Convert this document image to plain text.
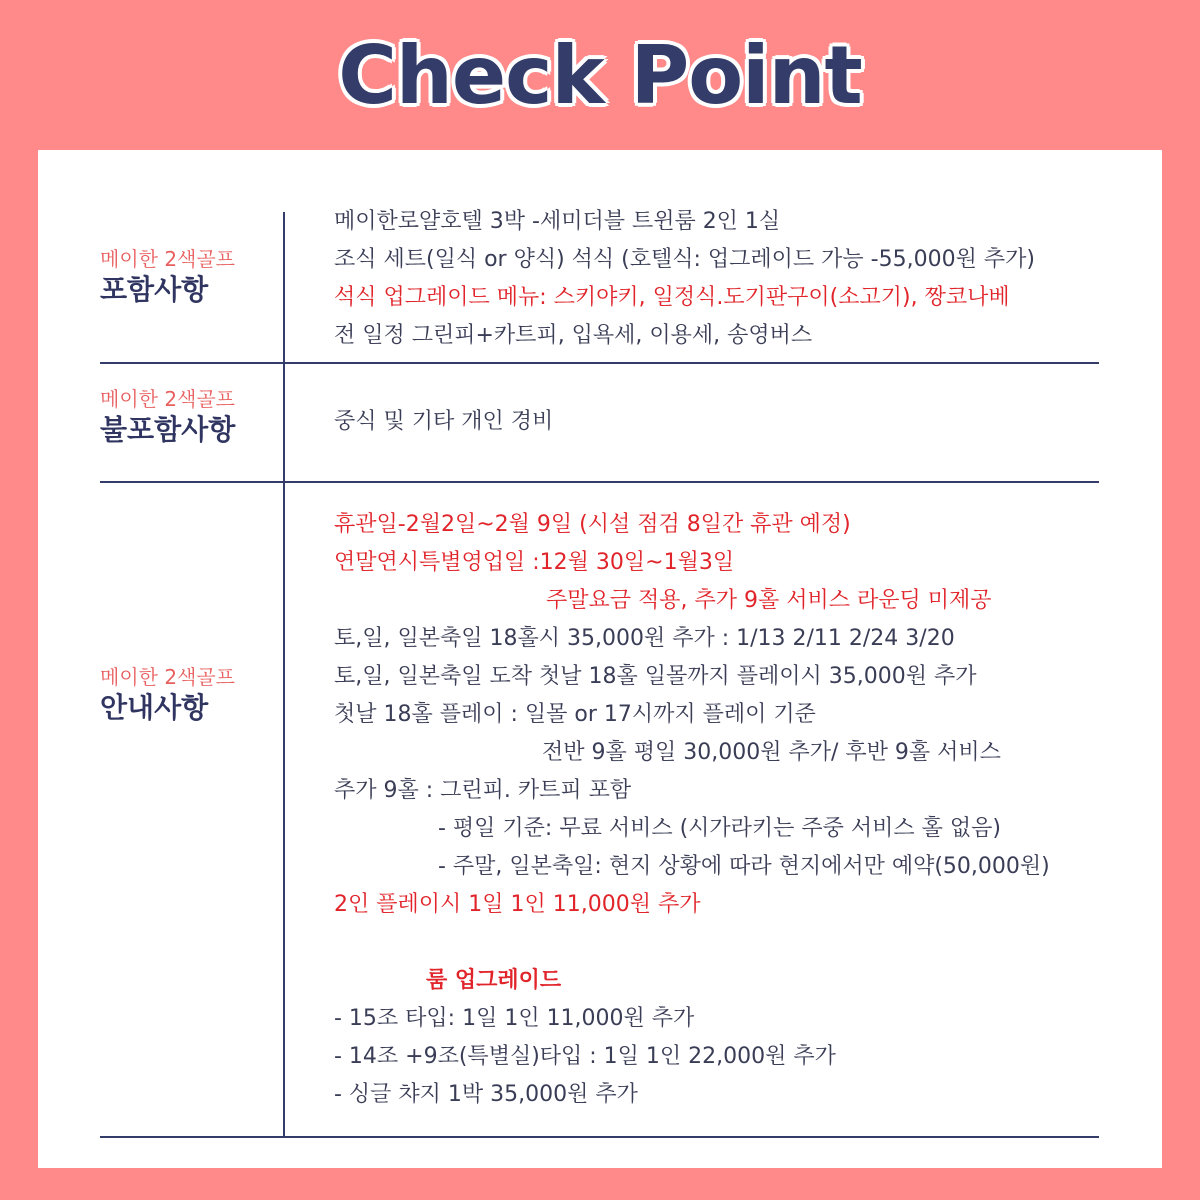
Check Point
메이한 2색골프
포함사항
메이한로얄호텔 3박 -세미더블 트윈룸 2인 1실
조식 세트(일식 or 양식) 석식 (호텔식: 업그레이드 가능 -55,000원 추가)
석식 업그레이드 메뉴: 스키야키, 일정식.도기판구이(소고기), 짱코나베
전 일정 그린피+카트피, 입욕세, 이용세, 송영버스
메이한 2색골프
불포함사항	중식 및 기타 개인 경비
메이한 2색골프
안내사항
휴관일-2월2일~2월 9일 (시설 점검 8일간 휴관 예정)
연말연시특별영업일 :12월 30일~1월3일
주말요금 적용, 추가 9홀 서비스 라운딩 미제공
토,일, 일본축일 18홀시 35,000원 추가 : 1/13 2/11 2/24 3/20
토,일, 일본축일 도착 첫날 18홀 일몰까지 플레이시 35,000원 추가
첫날 18홀 플레이 : 일몰 or 17시까지 플레이 기준
전반 9홀 평일 30,000원 추가/ 후반 9홀 서비스
추가 9홀 : 그린피. 카트피 포함
- 평일 기준: 무료 서비스 (시가라키는 주중 서비스 홀 없음)
- 주말, 일본축일: 현지 상황에 따라 현지에서만 예약(50,000원)
2인 플레이시 1일 1인 11,000원 추가
룸 업그레이드
- 15조 타입: 1일 1인 11,000원 추가
- 14조 +9조(특별실)타입 : 1일 1인 22,000원 추가
- 싱글 챠지 1박 35,000원 추가
